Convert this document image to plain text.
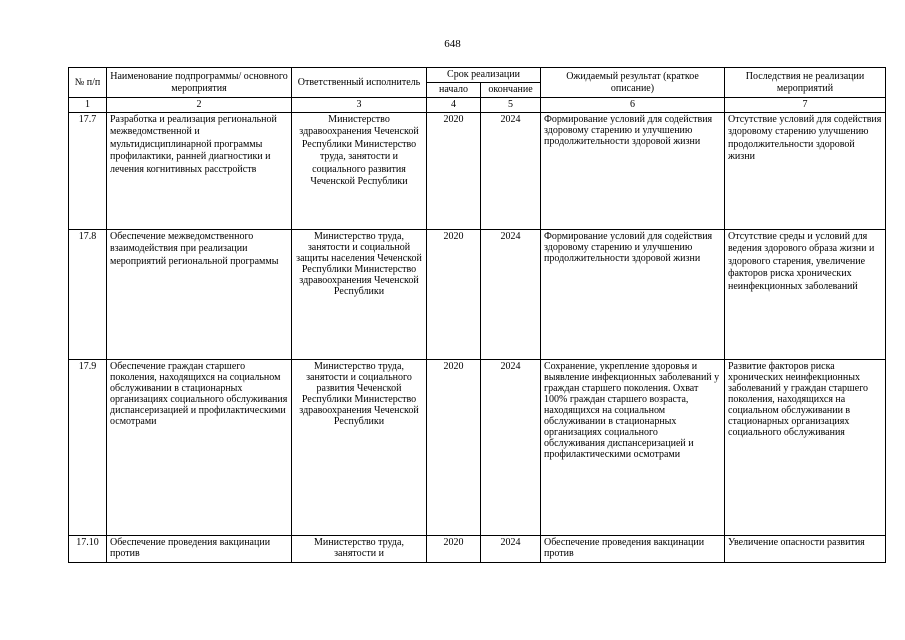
648
№ п/п	Наименование подпрограммы/ основного мероприятия	Ответственный исполнитель	Срок реализации		Ожидаемый результат (краткое описание)	Последствия не реализации мероприятий
			начало	окончание		
1	2	3	4	5	6	7
17.7	Разработка и реализация региональной межведомственной и мультидисциплинарной программы профилактики, ранней диагностики и лечения когнитивных расстройств	Министерство здравоохранения Чеченской Республики Министерство труда, занятости и социального развития Чеченской Республики	2020	2024	Формирование условий для содействия здоровому старению и улучшению продолжительности здоровой жизни	Отсутствие условий для содействия здоровому старению улучшению продолжительности здоровой жизни
17.8	Обеспечение межведомственного взаимодействия при реализации мероприятий региональной программы	Министерство труда, занятости и социальной защиты населения Чеченской Республики Министерство здравоохранения Чеченской Республики	2020	2024	Формирование условий для содействия здоровому старению и улучшению продолжительности здоровой жизни	Отсутствие среды и условий для ведения здорового образа жизни и здорового старения, увеличение факторов риска хронических неинфекционных заболеваний
17.9	Обеспечение граждан старшего поколения, находящихся на социальном обслуживании в стационарных организациях социального обслуживания диспансеризацией и профилактическими осмотрами	Министерство труда, занятости и социального развития Чеченской Республики Министерство здравоохранения Чеченской Республики	2020	2024	Сохранение, укрепление здоровья и выявление инфекционных заболеваний у граждан старшего поколения. Охват 100% граждан старшего возраста, находящихся на социальном обслуживании в стационарных организациях социального обслуживания диспансеризацией и профилактическими осмотрами	Развитие факторов риска хронических неинфекционных заболеваний у граждан старшего поколения, находящихся на социальном обслуживании в стационарных организациях социального обслуживания
17.10	Обеспечение проведения вакцинации против	Министерство труда, занятости и	2020	2024	Обеспечение проведения вакцинации против	Увеличение опасности развития
